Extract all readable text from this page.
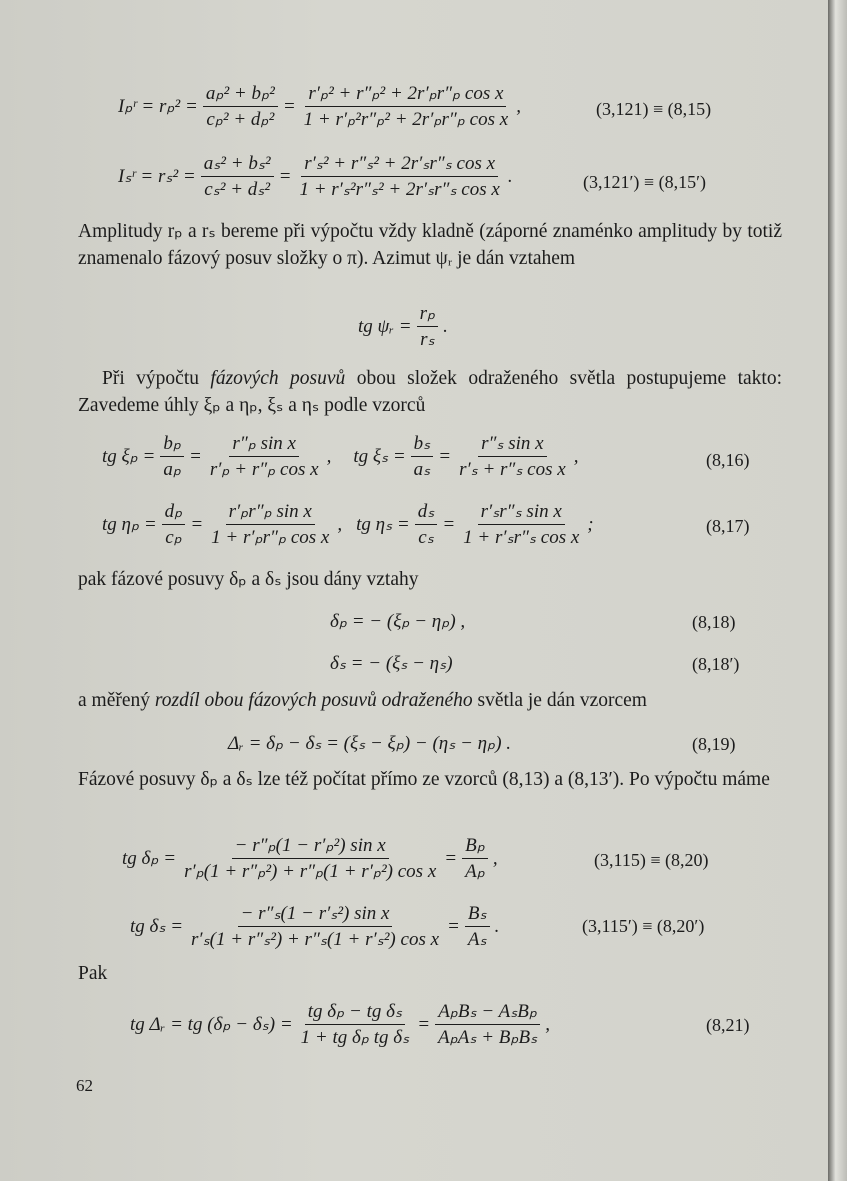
Iₚʳ = $r_p^2 = \frac{\text{aₚ² + bₚ²}}{\text{cₚ² + dₚ²}} = \frac{\text{r′ₚ² + r″ₚ² + 2r′ₚr″ₚ cos x}}{\text{1 + r′ₚ²r″ₚ² + 2r′ₚr″ₚ cos x}}$ ,	(3,121) ≡ (8,15)
Iₛʳ = $r_s^2 = \frac{\text{aₛ² + bₛ²}}{\text{cₛ² + dₛ²}} = \frac{\text{r′ₛ² + r″ₛ² + 2r′ₛr″ₛ cos x}}{\text{1 + r′ₛ²r″ₛ² + 2r′ₛr″ₛ cos x}}$ .	(3,121′) ≡ (8,15′)
Amplitudy rₚ a rₛ bereme při výpočtu vždy kladně (záporné znaménko amplitudy by totiž znamenalo fázový posuv složky o π). Azimut ψᵣ je dán vztahem
tg ψᵣ = $\frac{\text{rₚ}}{\text{rₛ}}$ .
Při výpočtu fázových posuvů obou složek odraženého světla postupujeme takto: Zavedeme úhly ξₚ a ηₚ, ξₛ a ηₛ podle vzorců
tg $\xi_p = \frac{\text{bₚ}}{\text{aₚ}} = \frac{\text{r″ₚ sin x}}{\text{r′ₚ + r″ₚ cos x}}$ , tg $\xi_s = \frac{\text{bₛ}}{\text{aₛ}} = \frac{\text{r″ₛ sin x}}{\text{r′ₛ + r″ₛ cos x}}$ ,	(8,16)
tg $\eta_p = \frac{\text{dₚ}}{\text{cₚ}} = \frac{\text{r′ₚr″ₚ sin x}}{\text{1 + r′ₚr″ₚ cos x}}$ , tg $\eta_s = \frac{\text{dₛ}}{\text{cₛ}} = \frac{\text{r′ₛr″ₛ sin x}}{\text{1 + r′ₛr″ₛ cos x}}$ ;	(8,17)
pak fázové posuvy δₚ a δₛ jsou dány vztahy
δₚ = − (ξₚ − ηₚ) ,	(8,18)
δₛ = − (ξₛ − ηₛ)	(8,18′)
a měřený rozdíl obou fázových posuvů odraženého světla je dán vzorcem
Δᵣ = δₚ − δₛ = (ξₛ − ξₚ) − (ηₛ − ηₚ) .	(8,19)
Fázové posuvy δₚ a δₛ lze též počítat přímo ze vzorců (8,13) a (8,13′). Po výpočtu máme
tg $\delta_p = \frac{\text{− r″ₚ(1 − r′ₚ²) sin x}}{\text{r′ₚ(1 + r″ₚ²) + r″ₚ(1 + r′ₚ²) cos x}} = \frac{\text{Bₚ}}{\text{Aₚ}}$ ,	(3,115) ≡ (8,20)
tg $\delta_s = \frac{\text{− r″ₛ(1 − r′ₛ²) sin x}}{\text{r′ₛ(1 + r″ₛ²) + r″ₛ(1 + r′ₛ²) cos x}} = \frac{\text{Bₛ}}{\text{Aₛ}}$ .	(3,115′) ≡ (8,20′)
Pak
tg Δᵣ = tg $(\delta_p - \delta_s) = \frac{\text{tg δₚ − tg δₛ}}{\text{1 + tg δₚ tg δₛ}} = \frac{\text{AₚBₛ − AₛBₚ}}{\text{AₚAₛ + BₚBₛ}}$ ,	(8,21)
62
